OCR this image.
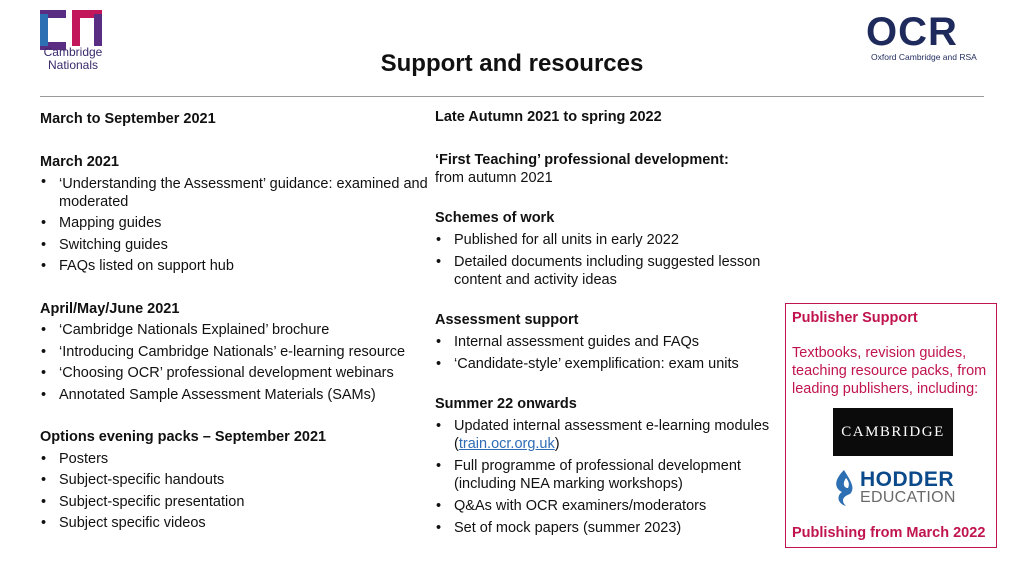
Cambridge
Nationals
OCR
Oxford Cambridge and RSA
Support and resources
March to September 2021
March 2021
• ‘Understanding the Assessment’ guidance: examined and moderated
• Mapping guides
• Switching guides
• FAQs listed on support hub
April/May/June 2021
• ‘Cambridge Nationals Explained’ brochure
• ‘Introducing Cambridge Nationals’ e-learning resource
• ‘Choosing OCR’ professional development webinars
• Annotated Sample Assessment Materials (SAMs)
Options evening packs – September 2021
• Posters
• Subject-specific handouts
• Subject-specific presentation
• Subject specific videos
Late Autumn 2021 to spring 2022
‘First Teaching’ professional development:
from autumn 2021
Schemes of work
• Published for all units in early 2022
• Detailed documents including suggested lesson content and activity ideas
Assessment support
• Internal assessment guides and FAQs
• ‘Candidate-style’ exemplification: exam units
Summer 22 onwards
• Updated internal assessment e-learning modules (train.ocr.org.uk)
• Full programme of professional development (including NEA marking workshops)
• Q&As with OCR examiners/moderators
• Set of mock papers (summer 2023)
Publisher Support
Textbooks, revision guides, teaching resource packs, from leading publishers, including:
CAMBRIDGE
HODDER
EDUCATION
Publishing from March 2022
